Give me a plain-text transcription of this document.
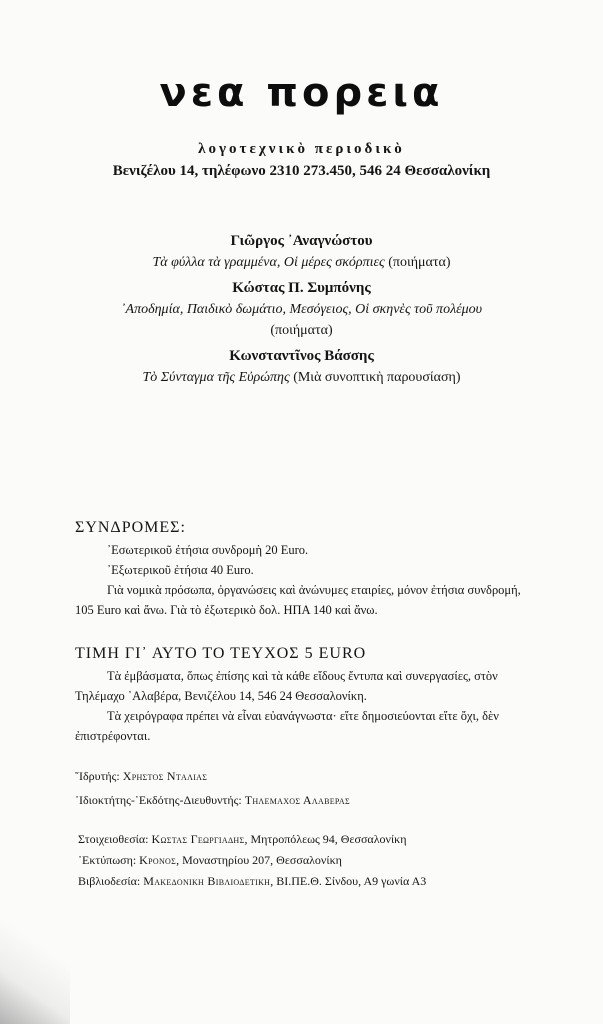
νεα πορεια
λογοτεχνικὸ περιοδικὸ
Βενιζέλου 14, τηλέφωνο 2310 273.450, 546 24 Θεσσαλονίκη

Γιῶργος ᾿Αναγνώστου

Τὰ φύλλα τὰ γραμμένα, Οἱ μέρες σκόρπιες (ποιήματα)

Κώστας Π. Συμπόνης

᾿Αποδημία, Παιδικὸ δωμάτιο, Μεσόγειος, Οἱ σκηνὲς τοῦ πολέμου
(ποιήματα)

Κωνσταντῖνος Βάσσης

Τὸ Σύνταγμα τῆς Εὐρώπης (Μιὰ συνοπτικὴ παρουσίαση)

ΣΥΝΔΡΟΜΕΣ:
᾿Εσωτερικοῦ ἐτήσια συνδρομὴ 20 Euro.
᾿Εξωτερικοῦ ἐτήσια 40 Euro.
Γιὰ νομικὰ πρόσωπα, ὀργανώσεις καὶ ἀνώνυμες εταιρίες, μόνον ἐτήσια συνδρομή, 105 Euro καὶ ἄνω. Γιὰ τὸ ἐξωτερικὸ δολ. ΗΠΑ 140 καὶ ἄνω.
ΤΙΜΗ ΓΙ᾿ ΑΥΤΟ ΤΟ ΤΕΥΧΟΣ 5 EURO
Τὰ ἐμβάσματα, ὅπως ἐπίσης καὶ τὰ κάθε εἴδους ἔντυπα καὶ συνεργασίες, στὸν Τηλέμαχο ᾿Αλαβέρα, Βενιζέλου 14, 546 24 Θεσσαλονίκη.
Τὰ χειρόγραφα πρέπει νὰ εἶναι εὐανάγνωστα· εἴτε δημοσιεύονται εἴτε ὄχι, δὲν ἐπιστρέφονται.
῞Ιδρυτής: Χρηστος Ντaλιας
᾿Ιδιοκτήτης-᾿Εκδότης-Διευθυντής: Τηλεμαχος Αλαβερας
Στοιχειοθεσία: Κωστας Γεωργιαδης, Μητροπόλεως 94, Θεσσαλονίκη
᾿Εκτύπωση: Κρονος, Μοναστηρίου 207, Θεσσαλονίκη
Βιβλιοδεσία: Μακεδονικη Βιβλιοδετικη, ΒΙ.ΠΕ.Θ. Σίνδου, Α9 γωνία Α3
